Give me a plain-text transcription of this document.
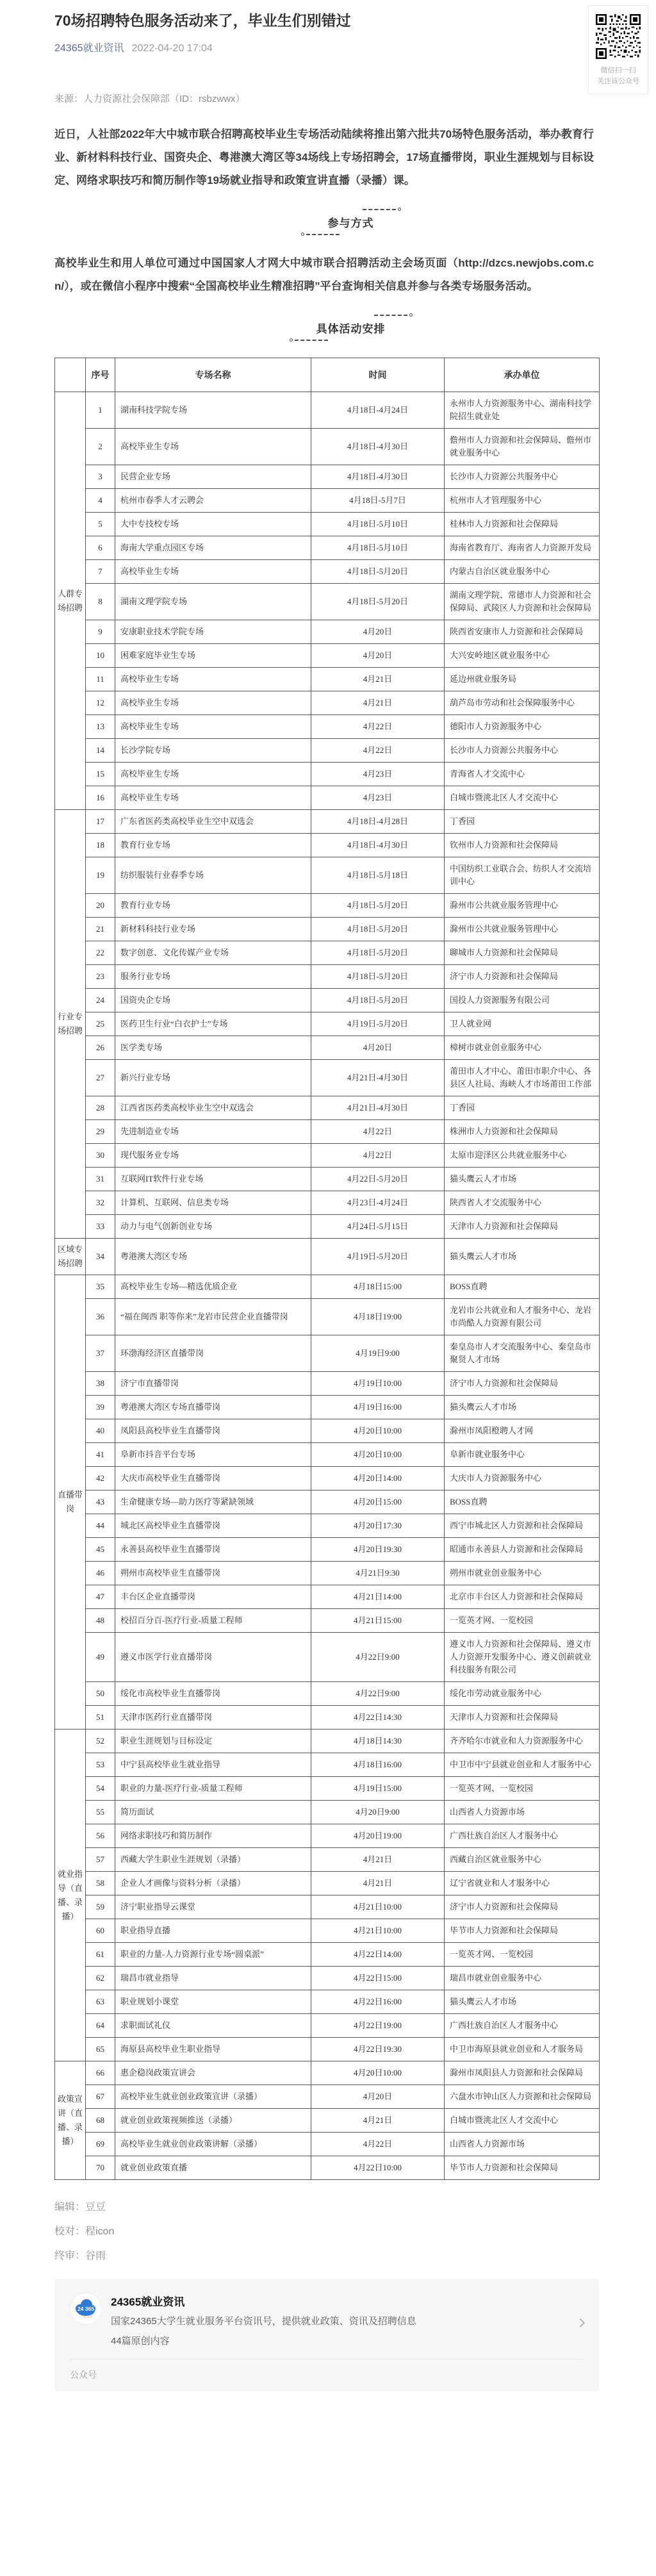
70场招聘特色服务活动来了，毕业生们别错过
24365就业资讯 2022-04-20 17:04
微信扫一扫
关注该公众号
来源：人力资源社会保障部（ID：rsbzwwx）

近日，人社部2022年大中城市联合招聘高校毕业生专场活动陆续将推出第六批共70场特色服务活动，举办教育行业、新材料科技行业、国资央企、粤港澳大湾区等34场线上专场招聘会，17场直播带岗，职业生涯规划与目标设定、网络求职技巧和简历制作等19场就业指导和政策宣讲直播（录播）课。

参与方式

高校毕业生和用人单位可通过中国国家人才网大中城市联合招聘活动主会场页面（http://dzcs.newjobs.com.cn/），或在微信小程序中搜索“全国高校毕业生精准招聘”平台查询相关信息并参与各类专场服务活动。

具体活动安排
	序号	专场名称	时间	承办单位
人群专场招聘	1	湖南科技学院专场	4月18日-4月24日	永州市人力资源服务中心、湖南科技学院招生就业处
	2	高校毕业生专场	4月18日-4月30日	儋州市人力资源和社会保障局、儋州市就业服务中心
	3	民营企业专场	4月18日-4月30日	长沙市人力资源公共服务中心
	4	杭州市春季人才云聘会	4月18日-5月7日	杭州市人才管理服务中心
	5	大中专技校专场	4月18日-5月10日	桂林市人力资源和社会保障局
	6	海南大学重点园区专场	4月18日-5月10日	海南省教育厅、海南省人力资源开发局
	7	高校毕业生专场	4月18日-5月20日	内蒙古自治区就业服务中心
	8	湖南文理学院专场	4月18日-5月20日	湖南文理学院、常德市人力资源和社会保障局、武陵区人力资源和社会保障局
	9	安康职业技术学院专场	4月20日	陕西省安康市人力资源和社会保障局
	10	困难家庭毕业生专场	4月20日	大兴安岭地区就业服务中心
	11	高校毕业生专场	4月21日	延边州就业服务局
	12	高校毕业生专场	4月21日	葫芦岛市劳动和社会保障服务中心
	13	高校毕业生专场	4月22日	德阳市人力资源服务中心
	14	长沙学院专场	4月22日	长沙市人力资源公共服务中心
	15	高校毕业生专场	4月23日	青海省人才交流中心
	16	高校毕业生专场	4月23日	白城市暨洮北区人才交流中心
行业专场招聘	17	广东省医药类高校毕业生空中双选会	4月18日-4月28日	丁香园
	18	教育行业专场	4月18日-4月30日	钦州市人力资源和社会保障局
	19	纺织服装行业春季专场	4月18日-5月18日	中国纺织工业联合会、纺织人才交流培训中心
	20	教育行业专场	4月18日-5月20日	滁州市公共就业服务管理中心
	21	新材料科技行业专场	4月18日-5月20日	滁州市公共就业服务管理中心
	22	数字创意、文化传媒产业专场	4月18日-5月20日	聊城市人力资源和社会保障局
	23	服务行业专场	4月18日-5月20日	济宁市人力资源和社会保障局
	24	国资央企专场	4月18日-5月20日	国投人力资源服务有限公司
	25	医药卫生行业“白衣护士”专场	4月19日-5月20日	卫人就业网
	26	医学类专场	4月20日	樟树市就业创业服务中心
	27	新兴行业专场	4月21日-4月30日	莆田市人才中心、莆田市职介中心、各县区人社局、海峡人才市场莆田工作部
	28	江西省医药类高校毕业生空中双选会	4月21日-4月30日	丁香园
	29	先进制造业专场	4月22日	株洲市人力资源和社会保障局
	30	现代服务业专场	4月22日	太原市迎泽区公共就业服务中心
	31	互联网IT软件行业专场	4月22日-5月20日	猫头鹰云人才市场
	32	计算机、互联网、信息类专场	4月23日-4月24日	陕西省人才交流服务中心
	33	动力与电气创新创业专场	4月24日-5月15日	天津市人力资源和社会保障局
区域专场招聘	34	粤港澳大湾区专场	4月19日-5月20日	猫头鹰云人才市场
直播带岗	35	高校毕业生专场—精选优质企业	4月18日15:00	BOSS直聘
	36	“福在闽西 职等你来”龙岩市民营企业直播带岗	4月18日19:00	龙岩市公共就业和人才服务中心、龙岩市尚酷人力资源有限公司
	37	环渤海经济区直播带岗	4月19日9:00	秦皇岛市人才交流服务中心、秦皇岛市聚贤人才市场
	38	济宁市直播带岗	4月19日10:00	济宁市人力资源和社会保障局
	39	粤港澳大湾区专场直播带岗	4月19日16:00	猫头鹰云人才市场
	40	凤阳县高校毕业生直播带岗	4月20日10:00	滁州市凤阳橙聘人才网
	41	阜新市抖音平台专场	4月20日10:00	阜新市就业服务中心
	42	大庆市高校毕业生直播带岗	4月20日14:00	大庆市人力资源服务中心
	43	生命健康专场—助力医疗等紧缺领域	4月20日15:00	BOSS直聘
	44	城北区高校毕业生直播带岗	4月20日17:30	西宁市城北区人力资源和社会保障局
	45	永善县高校毕业生直播带岗	4月20日19:30	昭通市永善县人力资源和社会保障局
	46	朔州市高校毕业生直播带岗	4月21日9:30	朔州市就业创业服务中心
	47	丰台区企业直播带岗	4月21日14:00	北京市丰台区人力资源和社会保障局
	48	校招百分百-医疗行业-质量工程师	4月21日15:00	一览英才网、一览校园
	49	遵义市医学行业直播带岗	4月22日9:00	遵义市人力资源和社会保障局、遵义市人力资源开发服务中心、遵义创薪就业科技服务有限公司
	50	绥化市高校毕业生直播带岗	4月22日9:00	绥化市劳动就业服务中心
	51	天津市医药行业直播带岗	4月22日14:30	天津市人力资源和社会保障局
就业指导（直播、录播）	52	职业生涯规划与目标设定	4月18日14:30	齐齐哈尔市就业和人力资源服务中心
	53	中宁县高校毕业生就业指导	4月18日16:00	中卫市中宁县就业创业和人才服务中心
	54	职业的力量-医疗行业-质量工程师	4月19日15:00	一览英才网、一览校园
	55	简历面试	4月20日9:00	山西省人力资源市场
	56	网络求职技巧和简历制作	4月20日19:00	广西壮族自治区人才服务中心
	57	西藏大学生职业生涯规划（录播）	4月21日	西藏自治区就业服务中心
	58	企业人才画像与资料分析（录播）	4月21日	辽宁省就业和人才服务中心
	59	济宁职业指导云课堂	4月21日10:00	济宁市人力资源和社会保障局
	60	职业指导直播	4月21日10:00	毕节市人力资源和社会保障局
	61	职业的力量-人力资源行业专场“圆桌派”	4月22日14:00	一览英才网、一览校园
	62	瑞昌市就业指导	4月22日15:00	瑞昌市就业创业服务中心
	63	职业规划小课堂	4月22日16:00	猫头鹰云人才市场
	64	求职面试礼仪	4月22日19:00	广西壮族自治区人才服务中心
	65	海原县高校毕业生职业指导	4月22日19:30	中卫市海原县就业创业和人才服务局
政策宣讲（直播、录播）	66	惠企稳岗政策宣讲会	4月20日10:00	滁州市凤阳县人力资源和社会保障局
	67	高校毕业生就业创业政策宣讲（录播）	4月20日	六盘水市钟山区人力资源和社会保障局
	68	就业创业政策视频推送（录播）	4月21日	白城市暨洮北区人才交流中心
	69	高校毕业生就业创业政策讲解（录播）	4月22日	山西省人力资源市场
	70	就业创业政策直播	4月22日10:00	毕节市人力资源和社会保障局
编辑：豆豆
校对：程icon
终审：谷雨
24 365
一职为你
24365就业资讯
国家24365大学生就业服务平台资讯号，提供就业政策、资讯及招聘信息
44篇原创内容
公众号
